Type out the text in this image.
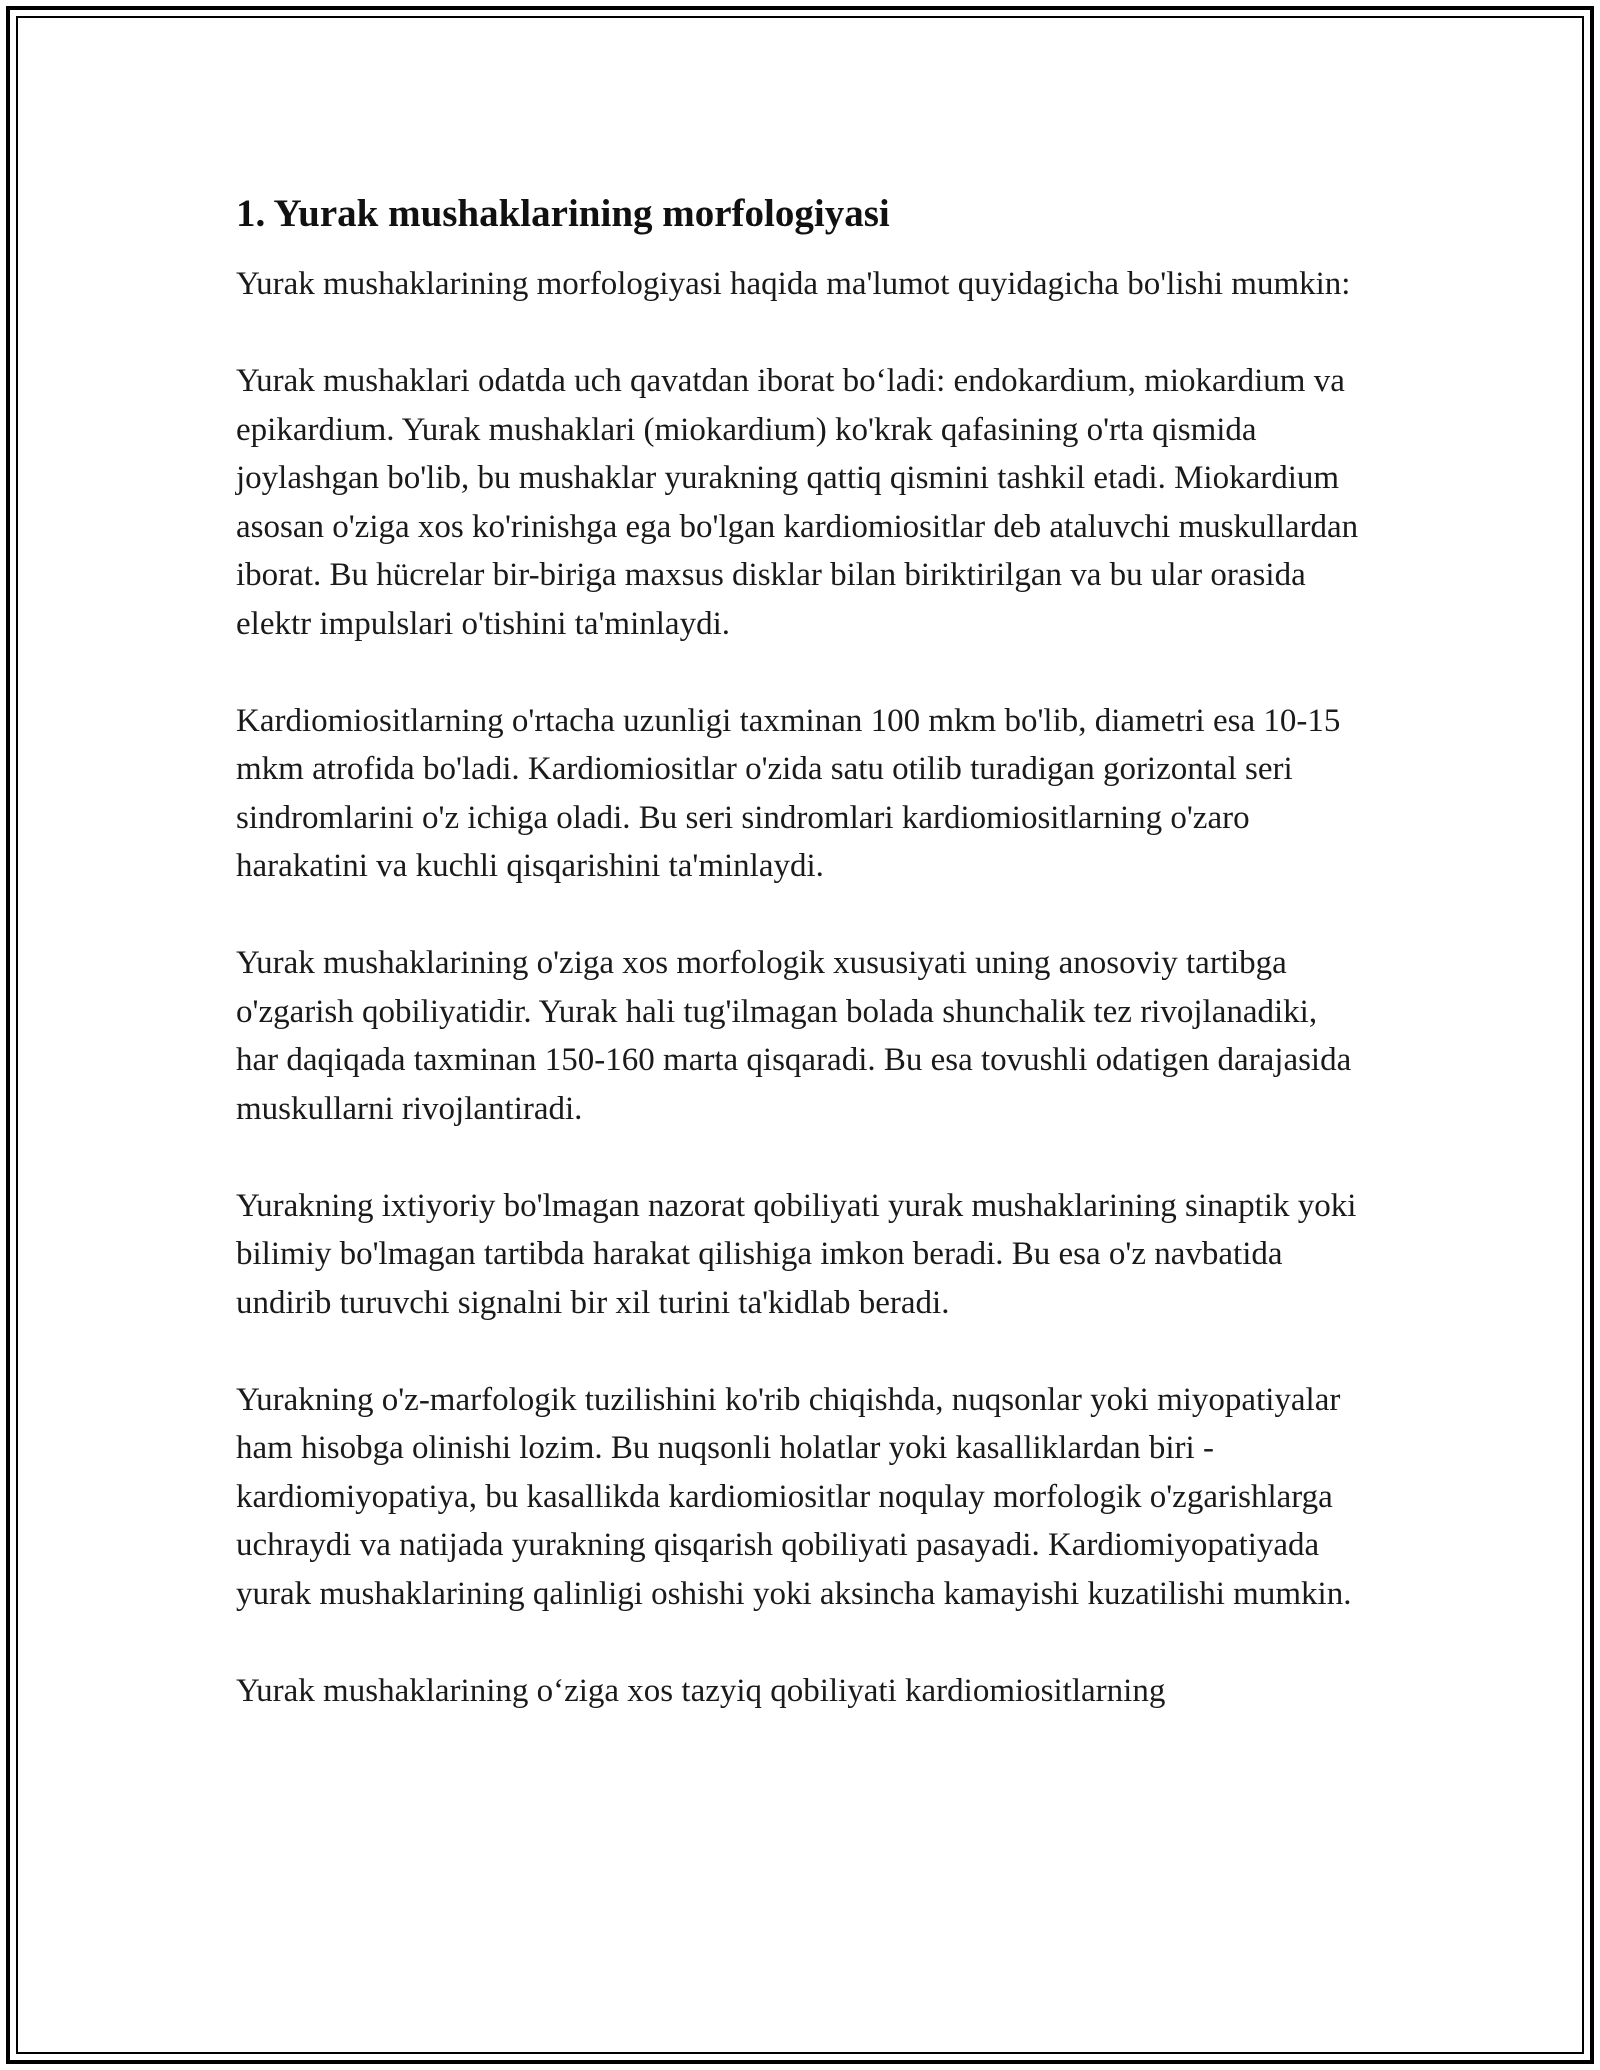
1. Yurak mushaklarining morfologiyasi

Yurak mushaklarining morfologiyasi haqida ma'lumot quyidagicha bo'lishi mumkin:

Yurak mushaklari odatda uch qavatdan iborat bo‘ladi: endokardium, miokardium va epikardium. Yurak mushaklari (miokardium) ko'krak qafasining o'rta qismida joylashgan bo'lib, bu mushaklar yurakning qattiq qismini tashkil etadi. Miokardium asosan o'ziga xos ko'rinishga ega bo'lgan kardiomiositlar deb ataluvchi muskullardan iborat. Bu hücrelar bir-biriga maxsus disklar bilan biriktirilgan va bu ular orasida elektr impulslari o'tishini ta'minlaydi.

Kardiomiositlarning o'rtacha uzunligi taxminan 100 mkm bo'lib, diametri esa 10-15 mkm atrofida bo'ladi. Kardiomiositlar o'zida satu otilib turadigan gorizontal seri sindromlarini o'z ichiga oladi. Bu seri sindromlari kardiomiositlarning o'zaro harakatini va kuchli qisqarishini ta'minlaydi.

Yurak mushaklarining o'ziga xos morfologik xususiyati uning anosoviy tartibga o'zgarish qobiliyatidir. Yurak hali tug'ilmagan bolada shunchalik tez rivojlanadiki, har daqiqada taxminan 150-160 marta qisqaradi. Bu esa tovushli odatigen darajasida muskullarni rivojlantiradi.

Yurakning ixtiyoriy bo'lmagan nazorat qobiliyati yurak mushaklarining sinaptik yoki bilimiy bo'lmagan tartibda harakat qilishiga imkon beradi. Bu esa o'z navbatida undirib turuvchi signalni bir xil turini ta'kidlab beradi.

Yurakning o'z-marfologik tuzilishini ko'rib chiqishda, nuqsonlar yoki miyopatiyalar ham hisobga olinishi lozim. Bu nuqsonli holatlar yoki kasalliklardan biri - kardiomiyopatiya, bu kasallikda kardiomiositlar noqulay morfologik o'zgarishlarga uchraydi va natijada yurakning qisqarish qobiliyati pasayadi. Kardiomiyopatiyada yurak mushaklarining qalinligi oshishi yoki aksincha kamayishi kuzatilishi mumkin.

Yurak mushaklarining o‘ziga xos tazyiq qobiliyati kardiomiositlarning
